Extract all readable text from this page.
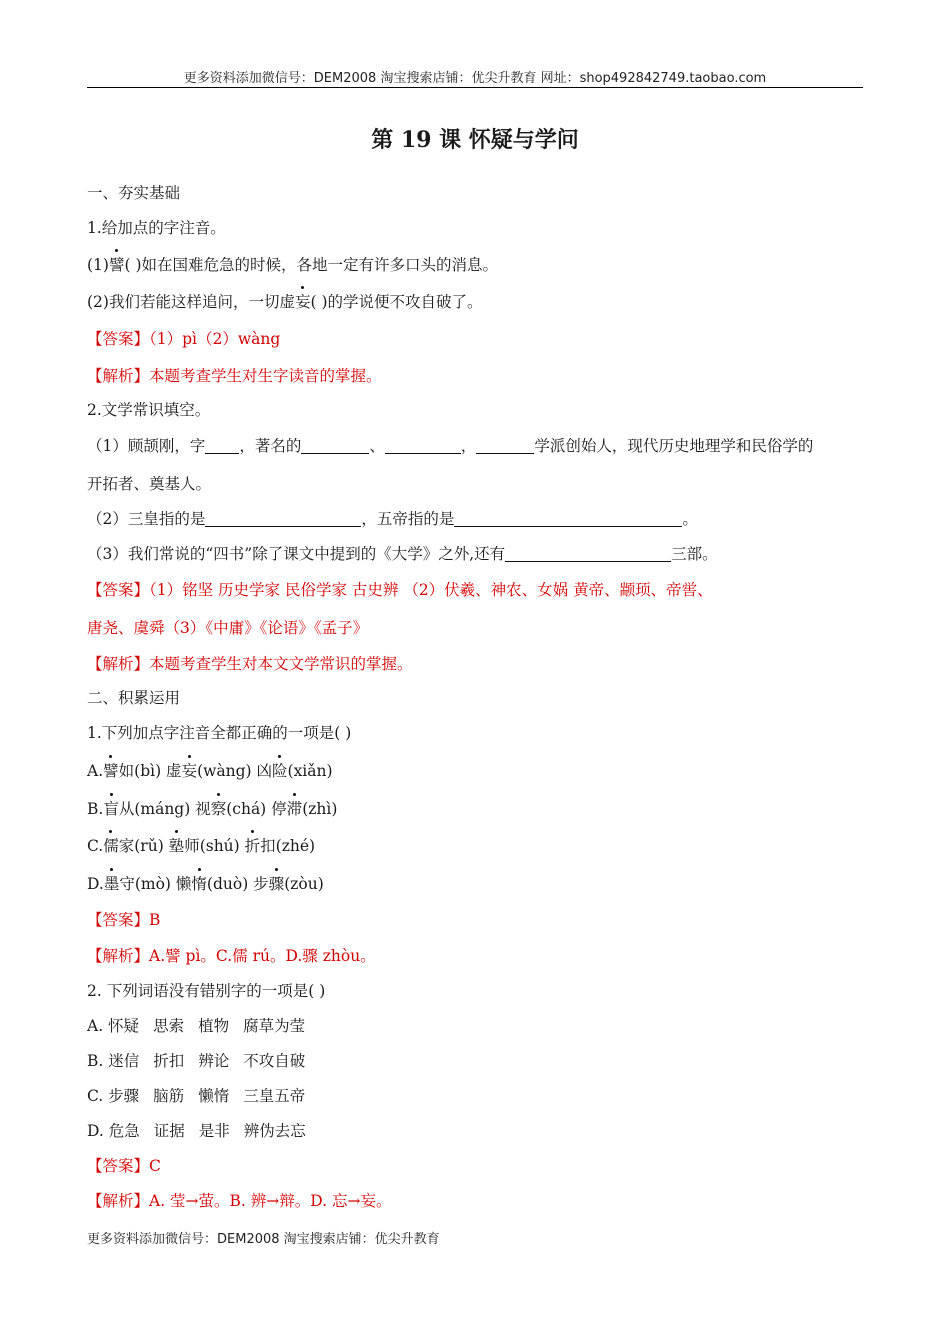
更多资料添加微信号：DEM2008 淘宝搜索店铺：优尖升教育 网址：shop492842749.taobao.com
第 19 课 怀疑与学问
一、夯实基础
1.给加点的字注音。
(1)譬( )如在国难危急的时候，各地一定有许多口头的消息。
(2)我们若能这样追问，一切虚妄( )的学说便不攻自破了。
【答案】（1）pì（2）wàng
【解析】本题考查学生对生字读音的掌握。
2.文学常识填空。
（1）顾颉刚，字 ，著名的	、	，	学派创始人，现代历史地理学和民俗学的
开拓者、奠基人。
（2）三皇指的是	，五帝指的是	。
（3）我们常说的“四书”除了课文中提到的《大学》之外,还有	三部。
【答案】（1）铭坚 历史学家 民俗学家 古史辨 （2）伏羲、神农、女娲 黄帝、颛顼、帝喾、
唐尧、虞舜（3）《中庸》《论语》《孟子》
【解析】本题考查学生对本文文学常识的掌握。
二、积累运用
1.下列加点字注音全都正确的一项是( )
A.譬如(bì) 虚妄(wàng) 凶险(xiǎn)
B.盲从(máng) 视察(chá) 停滞(zhì)
C.儒家(rǔ) 塾师(shú) 折扣(zhé)
D.墨守(mò) 懒惰(duò) 步骤(zòu)
【答案】B
【解析】A.譬 pì。C.儒 rú。D.骤 zhòu。
2. 下列词语没有错别字的一项是( )
A. 怀疑 思索 植物 腐草为莹
B. 迷信 折扣 辨论 不攻自破
C. 步骤 脑筋 懒惰 三皇五帝
D. 危急 证据 是非 辨伪去忘
【答案】C
【解析】A. 莹→萤。B. 辨→辩。D. 忘→妄。
更多资料添加微信号：DEM2008 淘宝搜索店铺：优尖升教育
